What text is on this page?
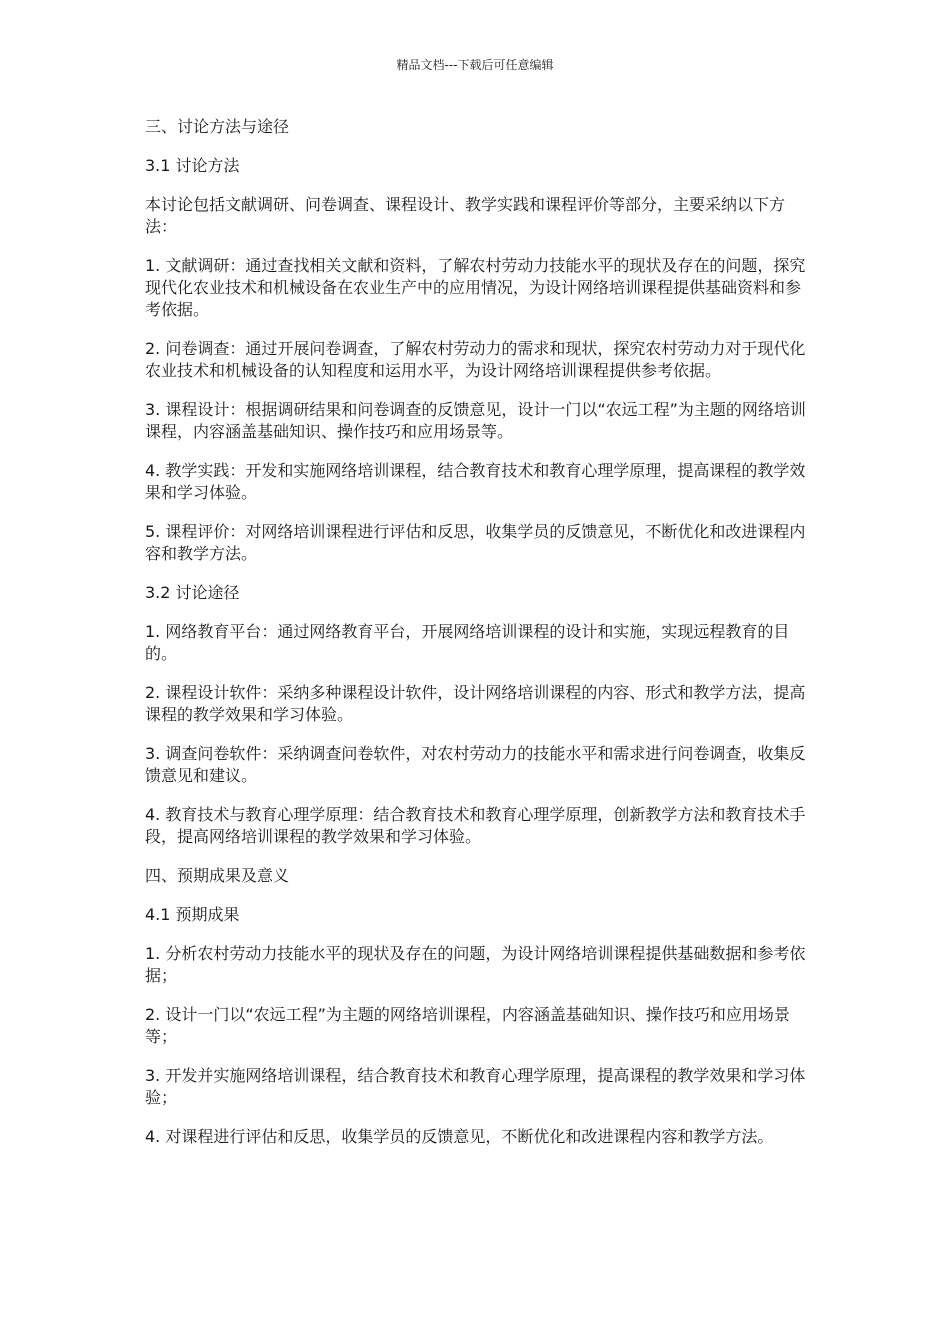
精品文档---下载后可任意编辑

三、讨论方法与途径

3.1 讨论方法

本讨论包括文献调研、问卷调查、课程设计、教学实践和课程评价等部分，主要采纳以下方法：

1. 文献调研：通过查找相关文献和资料，了解农村劳动力技能水平的现状及存在的问题，探究现代化农业技术和机械设备在农业生产中的应用情况，为设计网络培训课程提供基础资料和参考依据。

2. 问卷调查：通过开展问卷调查，了解农村劳动力的需求和现状，探究农村劳动力对于现代化农业技术和机械设备的认知程度和运用水平，为设计网络培训课程提供参考依据。

3. 课程设计：根据调研结果和问卷调查的反馈意见，设计一门以“农远工程”为主题的网络培训课程，内容涵盖基础知识、操作技巧和应用场景等。

4. 教学实践：开发和实施网络培训课程，结合教育技术和教育心理学原理，提高课程的教学效果和学习体验。

5. 课程评价：对网络培训课程进行评估和反思，收集学员的反馈意见，不断优化和改进课程内容和教学方法。

3.2 讨论途径

1. 网络教育平台：通过网络教育平台，开展网络培训课程的设计和实施，实现远程教育的目的。

2. 课程设计软件：采纳多种课程设计软件，设计网络培训课程的内容、形式和教学方法，提高课程的教学效果和学习体验。

3. 调查问卷软件：采纳调查问卷软件，对农村劳动力的技能水平和需求进行问卷调查，收集反馈意见和建议。

4. 教育技术与教育心理学原理：结合教育技术和教育心理学原理，创新教学方法和教育技术手段，提高网络培训课程的教学效果和学习体验。

四、预期成果及意义

4.1 预期成果

1. 分析农村劳动力技能水平的现状及存在的问题，为设计网络培训课程提供基础数据和参考依据；

2. 设计一门以“农远工程”为主题的网络培训课程，内容涵盖基础知识、操作技巧和应用场景等；

3. 开发并实施网络培训课程，结合教育技术和教育心理学原理，提高课程的教学效果和学习体验；

4. 对课程进行评估和反思，收集学员的反馈意见，不断优化和改进课程内容和教学方法。
